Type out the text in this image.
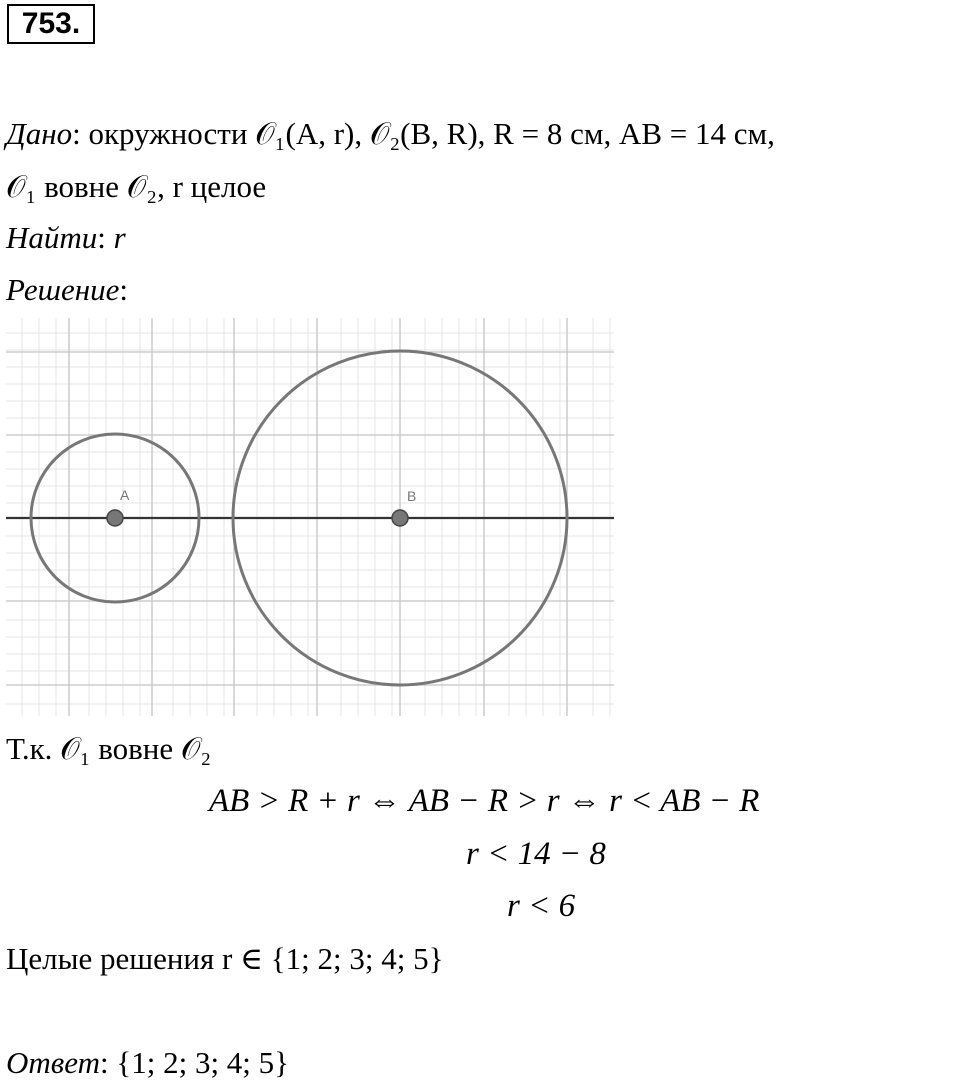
753.
Дано: окружности 𝒪₁(A, r), 𝒪₂(B, R), R = 8 см, AB = 14 см,
𝒪₁ вовне 𝒪₂, r целое
Найти: r
Решение:
A	B
Т.к. 𝒪₁ вовне 𝒪₂
AB > R + r ⇔ AB − R > r ⇔ r < AB − R
r < 14 − 8
r < 6
Целые решения r ∈ {1; 2; 3; 4; 5}
Ответ: {1; 2; 3; 4; 5}
